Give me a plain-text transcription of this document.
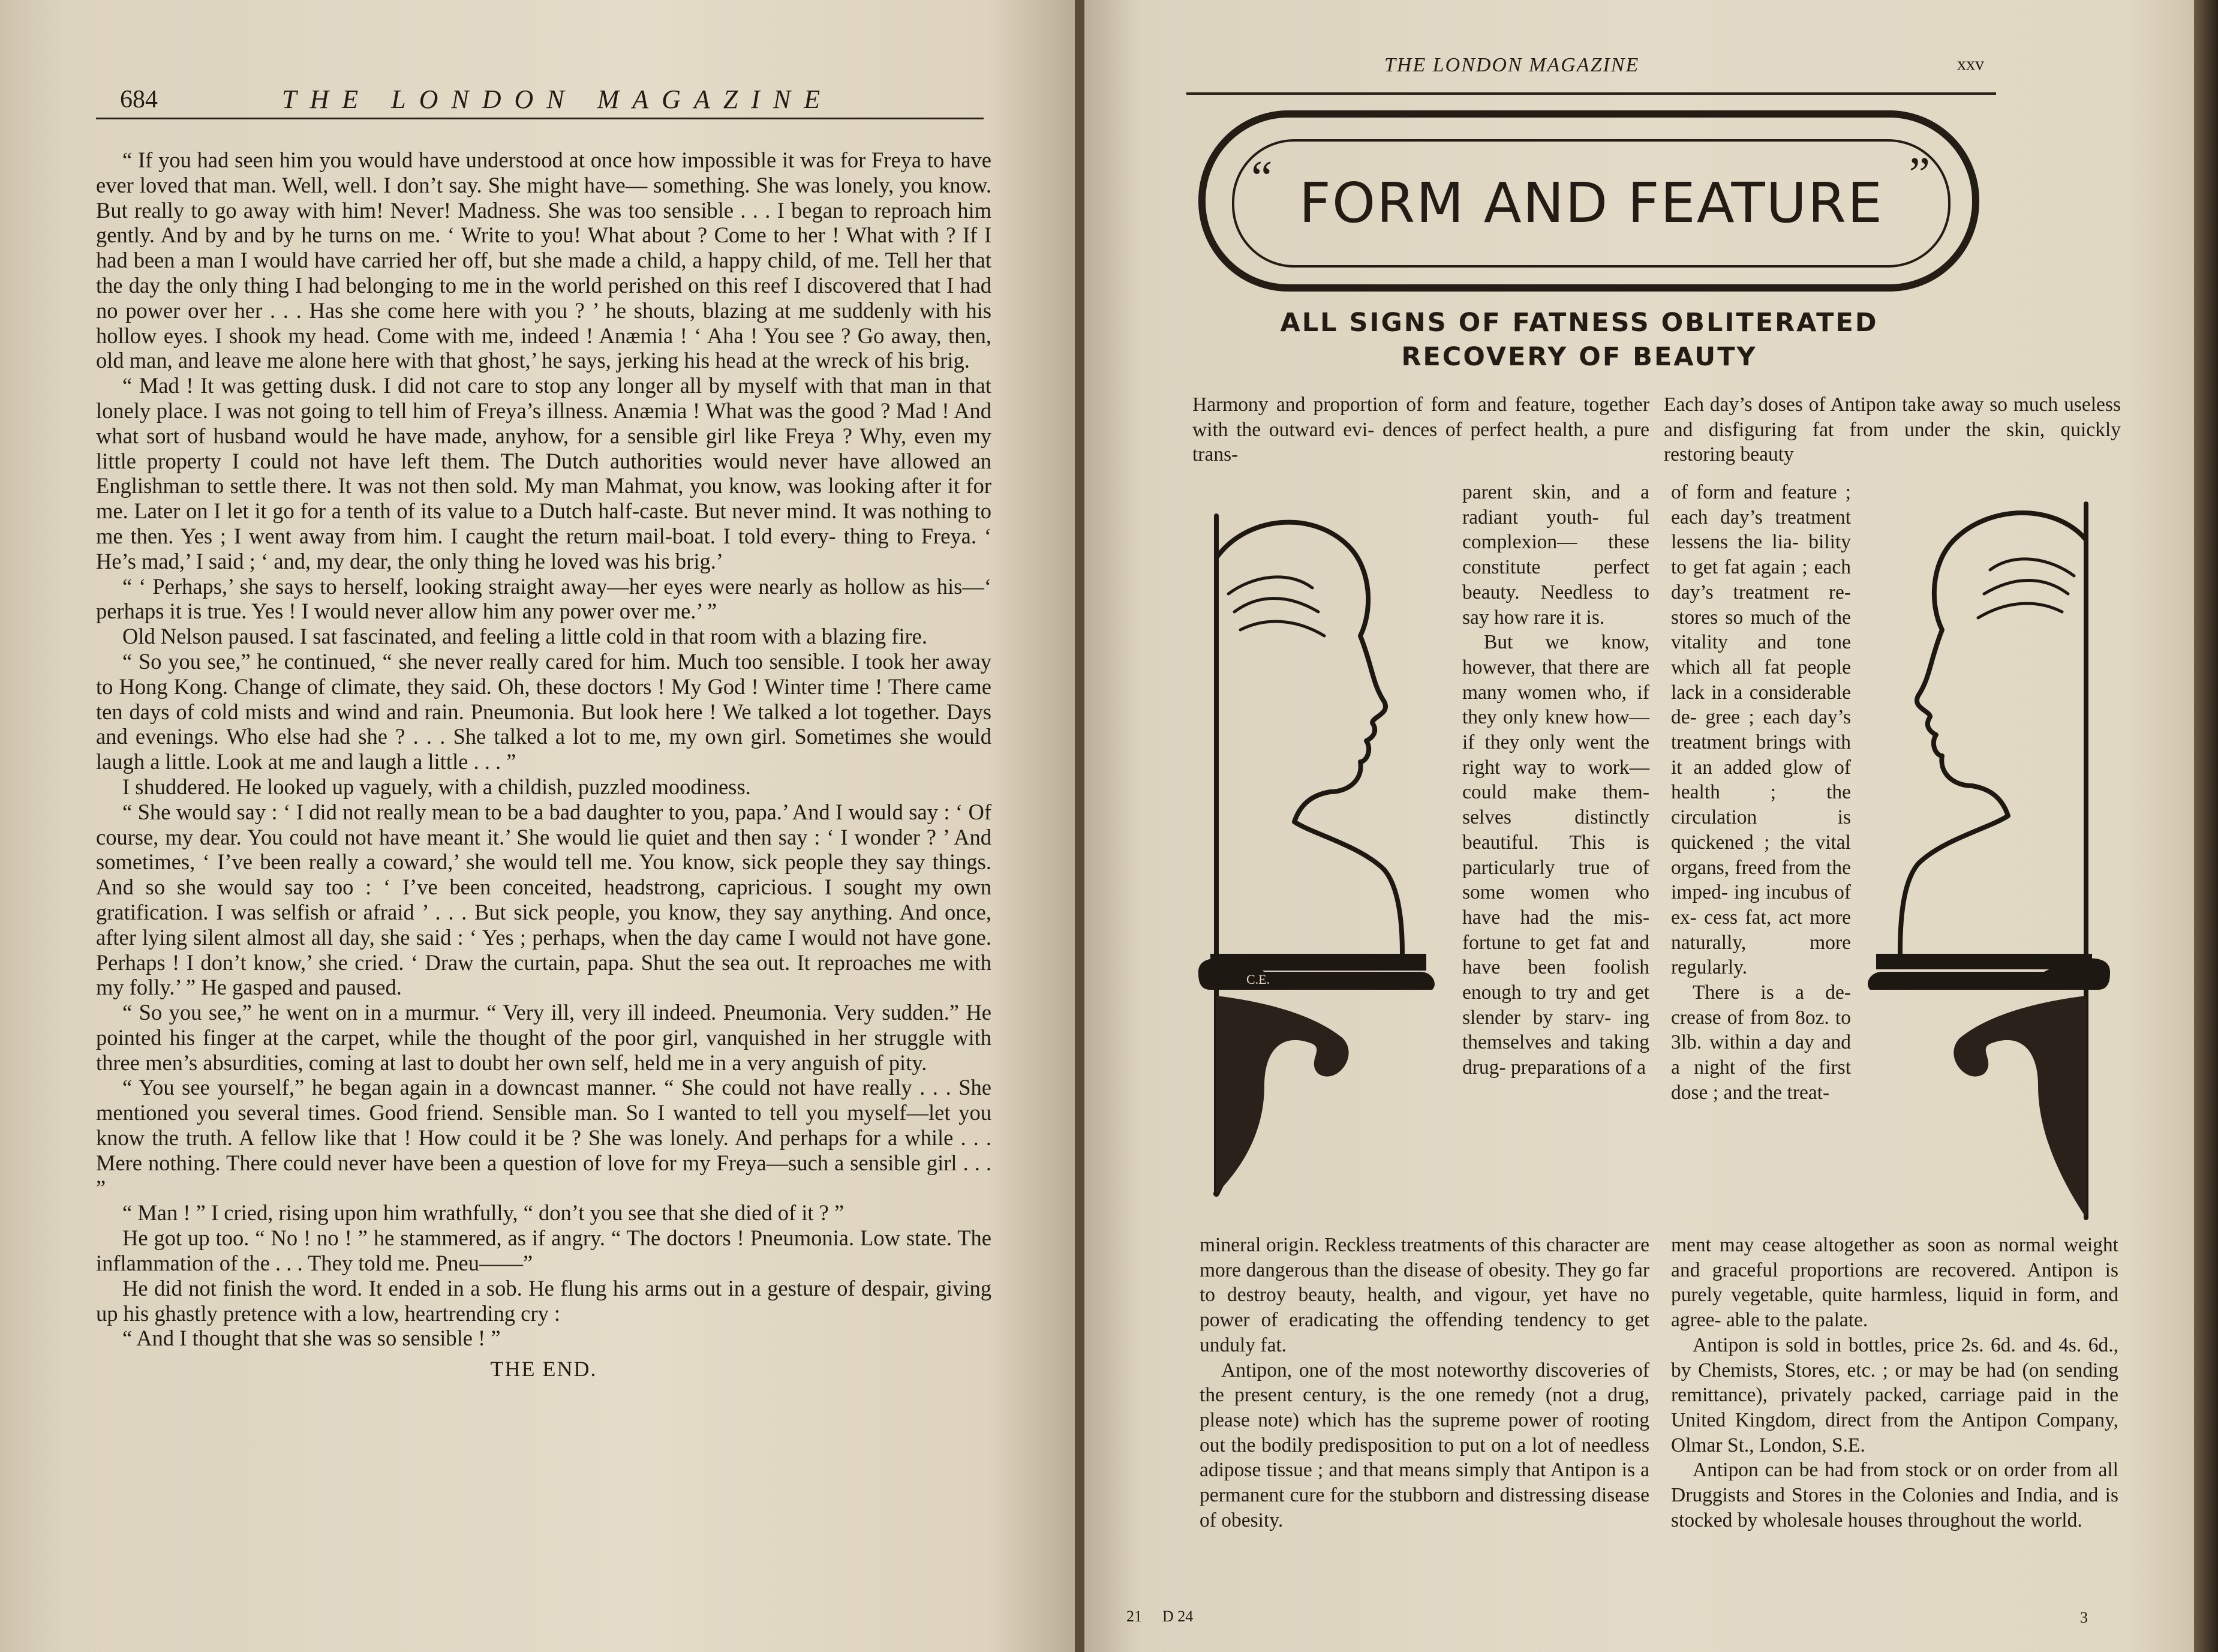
684	THE LONDON MAGAZINE

“ If you had seen him you would have understood at once how impossible it was for Freya to have ever loved that man. Well, well. I don’t say. She might have— something. She was lonely, you know. But really to go away with him! Never! Madness. She was too sensible . . . I began to reproach him gently. And by and by he turns on me. ‘ Write to you! What about ? Come to her ! What with ? If I had been a man I would have carried her off, but she made a child, a happy child, of me. Tell her that the day the only thing I had belonging to me in the world perished on this reef I discovered that I had no power over her . . . Has she come here with you ? ’ he shouts, blazing at me suddenly with his hollow eyes. I shook my head. Come with me, indeed ! Anæmia ! ‘ Aha ! You see ? Go away, then, old man, and leave me alone here with that ghost,’ he says, jerking his head at the wreck of his brig.

“ Mad ! It was getting dusk. I did not care to stop any longer all by myself with that man in that lonely place. I was not going to tell him of Freya’s illness. Anæmia ! What was the good ? Mad ! And what sort of husband would he have made, anyhow, for a sensible girl like Freya ? Why, even my little property I could not have left them. The Dutch authorities would never have allowed an Englishman to settle there. It was not then sold. My man Mahmat, you know, was looking after it for me. Later on I let it go for a tenth of its value to a Dutch half-caste. But never mind. It was nothing to me then. Yes ; I went away from him. I caught the return mail-boat. I told every- thing to Freya. ‘ He’s mad,’ I said ; ‘ and, my dear, the only thing he loved was his brig.’

“ ‘ Perhaps,’ she says to herself, looking straight away—her eyes were nearly as hollow as his—‘ perhaps it is true. Yes ! I would never allow him any power over me.’ ”

Old Nelson paused. I sat fascinated, and feeling a little cold in that room with a blazing fire.

“ So you see,” he continued, “ she never really cared for him. Much too sensible. I took her away to Hong Kong. Change of climate, they said. Oh, these doctors ! My God ! Winter time ! There came ten days of cold mists and wind and rain. Pneumonia. But look here ! We talked a lot together. Days and evenings. Who else had she ? . . . She talked a lot to me, my own girl. Sometimes she would laugh a little. Look at me and laugh a little . . . ”

I shuddered. He looked up vaguely, with a childish, puzzled moodiness.

“ She would say : ‘ I did not really mean to be a bad daughter to you, papa.’ And I would say : ‘ Of course, my dear. You could not have meant it.’ She would lie quiet and then say : ‘ I wonder ? ’ And sometimes, ‘ I’ve been really a coward,’ she would tell me. You know, sick people they say things. And so she would say too : ‘ I’ve been conceited, headstrong, capricious. I sought my own gratification. I was selfish or afraid ’ . . . But sick people, you know, they say anything. And once, after lying silent almost all day, she said : ‘ Yes ; perhaps, when the day came I would not have gone. Perhaps ! I don’t know,’ she cried. ‘ Draw the curtain, papa. Shut the sea out. It reproaches me with my folly.’ ” He gasped and paused.

“ So you see,” he went on in a murmur. “ Very ill, very ill indeed. Pneumonia. Very sudden.” He pointed his finger at the carpet, while the thought of the poor girl, vanquished in her struggle with three men’s absurdities, coming at last to doubt her own self, held me in a very anguish of pity.

“ You see yourself,” he began again in a downcast manner. “ She could not have really . . . She mentioned you several times. Good friend. Sensible man. So I wanted to tell you myself—let you know the truth. A fellow like that ! How could it be ? She was lonely. And perhaps for a while . . . Mere nothing. There could never have been a question of love for my Freya—such a sensible girl . . . ”

“ Man ! ” I cried, rising upon him wrathfully, “ don’t you see that she died of it ? ”

He got up too. “ No ! no ! ” he stammered, as if angry. “ The doctors ! Pneumonia. Low state. The inflammation of the . . . They told me. Pneu——”

He did not finish the word. It ended in a sob. He flung his arms out in a gesture of despair, giving up his ghastly pretence with a low, heartrending cry :

“ And I thought that she was so sensible ! ”

THE END.
THE LONDON MAGAZINE	xxv
“ FORM AND FEATURE ”
ALL SIGNS OF FATNESS OBLITERATED
RECOVERY OF BEAUTY

Harmony and proportion of form and feature, together with the outward evi- dences of perfect health, a pure trans-

parent skin, and a radiant youth- ful complexion— these constitute perfect beauty. Needless to say how rare it is.

But we know, however, that there are many women who, if they only knew how—if they only went the right way to work— could make them- selves distinctly beautiful. This is particularly true of some women who have had the mis- fortune to get fat and have been foolish enough to try and get slender by starv- ing themselves and taking drug- preparations of a

mineral origin. Reckless treatments of this character are more dangerous than the disease of obesity. They go far to destroy beauty, health, and vigour, yet have no power of eradicating the offending tendency to get unduly fat.

Antipon, one of the most noteworthy discoveries of the present century, is the one remedy (not a drug, please note) which has the supreme power of rooting out the bodily predisposition to put on a lot of needless adipose tissue ; and that means simply that Antipon is a permanent cure for the stubborn and distressing disease of obesity.

Each day’s doses of Antipon take away so much useless and disfiguring fat from under the skin, quickly restoring beauty

of form and feature ; each day’s treatment lessens the lia- bility to get fat again ; each day’s treatment re- stores so much of the vitality and tone which all fat people lack in a considerable de- gree ; each day’s treatment brings with it an added glow of health ; the circulation is quickened ; the vital organs, freed from the imped- ing incubus of ex- cess fat, act more naturally, more regularly.

There is a de- crease of from 8oz. to 3lb. within a day and a night of the first dose ; and the treat-

ment may cease altogether as soon as normal weight and graceful proportions are recovered. Antipon is purely vegetable, quite harmless, liquid in form, and agree- able to the palate.

Antipon is sold in bottles, price 2s. 6d. and 4s. 6d., by Chemists, Stores, etc. ; or may be had (on sending remittance), privately packed, carriage paid in the United Kingdom, direct from the Antipon Company, Olmar St., London, S.E.

Antipon can be had from stock or on order from all Druggists and Stores in the Colonies and India, and is stocked by wholesale houses throughout the world.

C.E.
21 D 24	3
